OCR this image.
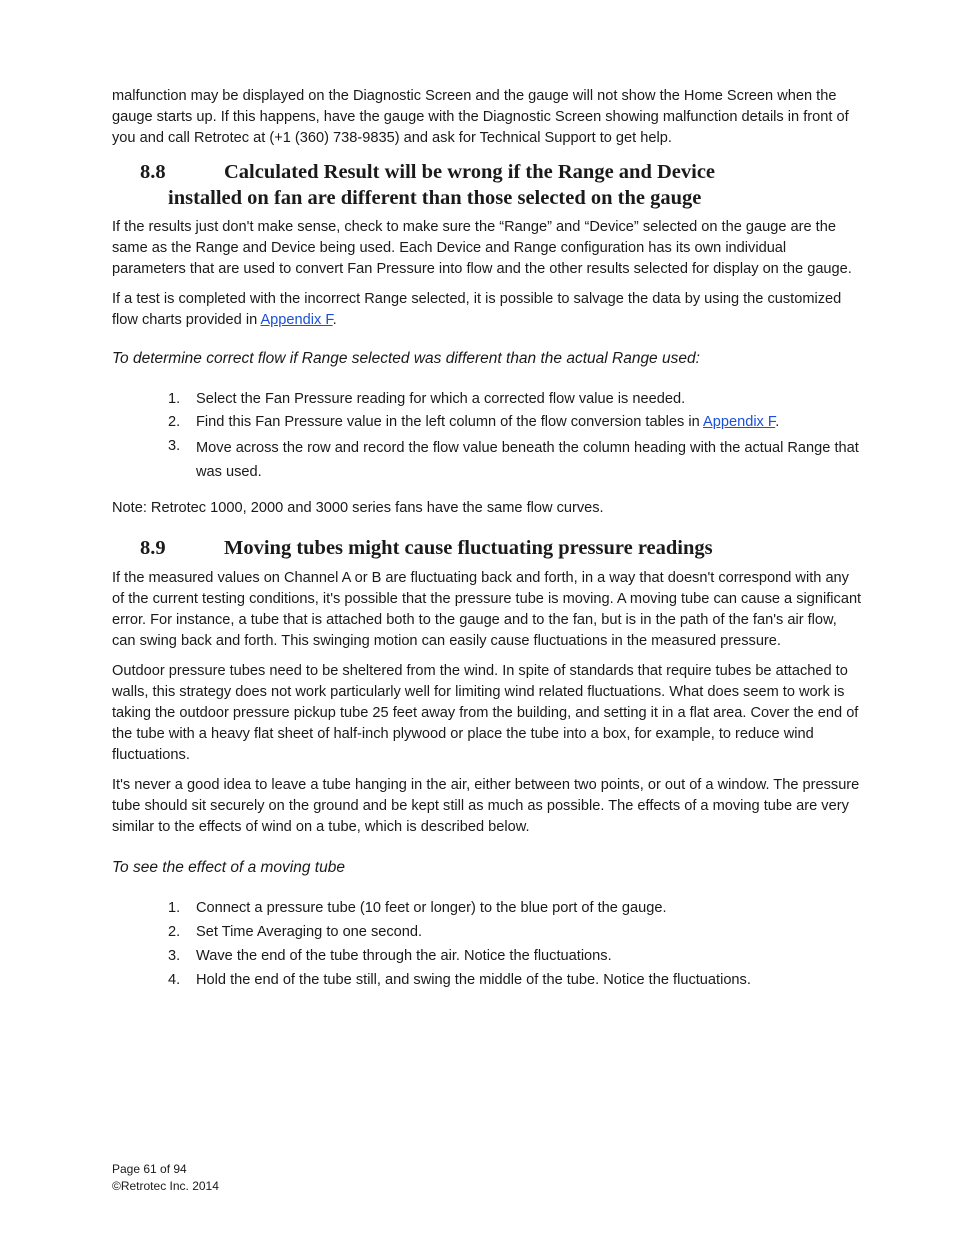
malfunction may be displayed on the Diagnostic Screen and the gauge will not show the Home Screen when the gauge starts up. If this happens, have the gauge with the Diagnostic Screen showing malfunction details in front of you and call Retrotec at (+1 (360) 738-9835) and ask for Technical Support to get help.

8.8	Calculated Result will be wrong if the Range and Device
installed on fan are different than those selected on the gauge

If the results just don't make sense, check to make sure the “Range” and “Device” selected on the gauge are the same as the Range and Device being used. Each Device and Range configuration has its own individual parameters that are used to convert Fan Pressure into flow and the other results selected for display on the gauge.

If a test is completed with the incorrect Range selected, it is possible to salvage the data by using the customized flow charts provided in Appendix F.

To determine correct flow if Range selected was different than the actual Range used:

1.	Select the Fan Pressure reading for which a corrected flow value is needed.
2.	Find this Fan Pressure value in the left column of the flow conversion tables in Appendix F.
3.	Move across the row and record the flow value beneath the column heading with the actual Range that was used.

Note: Retrotec 1000, 2000 and 3000 series fans have the same flow curves.

8.9	Moving tubes might cause fluctuating pressure readings

If the measured values on Channel A or B are fluctuating back and forth, in a way that doesn't correspond with any of the current testing conditions, it's possible that the pressure tube is moving. A moving tube can cause a significant error. For instance, a tube that is attached both to the gauge and to the fan, but is in the path of the fan's air flow, can swing back and forth. This swinging motion can easily cause fluctuations in the measured pressure.

Outdoor pressure tubes need to be sheltered from the wind. In spite of standards that require tubes be attached to walls, this strategy does not work particularly well for limiting wind related fluctuations. What does seem to work is taking the outdoor pressure pickup tube 25 feet away from the building, and setting it in a flat area. Cover the end of the tube with a heavy flat sheet of half-inch plywood or place the tube into a box, for example, to reduce wind fluctuations.

It's never a good idea to leave a tube hanging in the air, either between two points, or out of a window. The pressure tube should sit securely on the ground and be kept still as much as possible. The effects of a moving tube are very similar to the effects of wind on a tube, which is described below.

To see the effect of a moving tube

1.	Connect a pressure tube (10 feet or longer) to the blue port of the gauge.
2.	Set Time Averaging to one second.
3.	Wave the end of the tube through the air. Notice the fluctuations.
4.	Hold the end of the tube still, and swing the middle of the tube. Notice the fluctuations.
Page 61 of 94
©Retrotec Inc. 2014
